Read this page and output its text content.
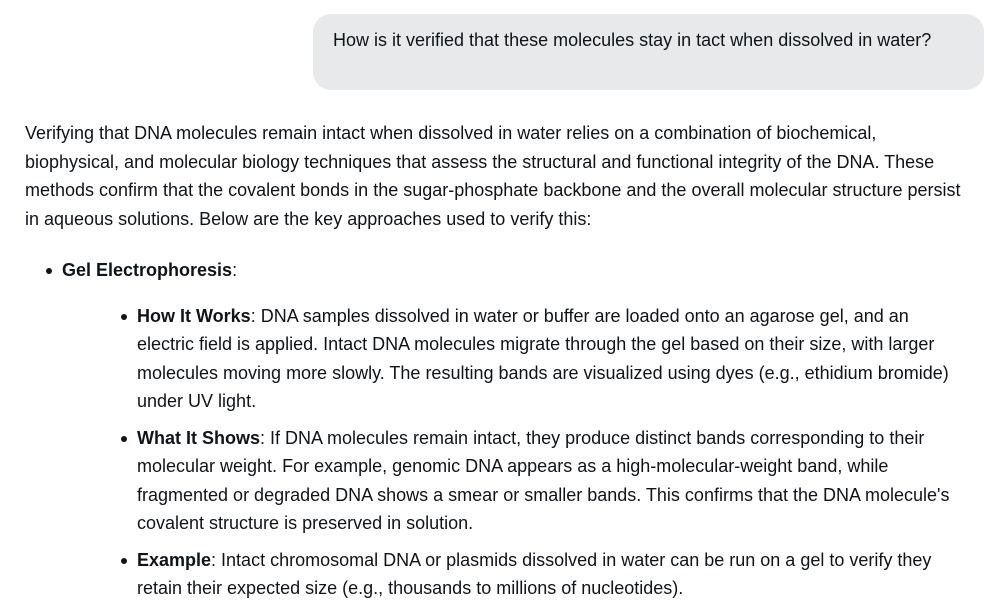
How is it verified that these molecules stay in tact when dissolved in water?

Verifying that DNA molecules remain intact when dissolved in water relies on a combination of biochemical, biophysical, and molecular biology techniques that assess the structural and functional integrity of the DNA. These methods confirm that the covalent bonds in the sugar-phosphate backbone and the overall molecular structure persist in aqueous solutions. Below are the key approaches used to verify this:

Gel Electrophoresis:
How It Works: DNA samples dissolved in water or buffer are loaded onto an agarose gel, and an electric field is applied. Intact DNA molecules migrate through the gel based on their size, with larger molecules moving more slowly. The resulting bands are visualized using dyes (e.g., ethidium bromide) under UV light.
What It Shows: If DNA molecules remain intact, they produce distinct bands corresponding to their molecular weight. For example, genomic DNA appears as a high-molecular-weight band, while fragmented or degraded DNA shows a smear or smaller bands. This confirms that the DNA molecule's covalent structure is preserved in solution.
Example: Intact chromosomal DNA or plasmids dissolved in water can be run on a gel to verify they retain their expected size (e.g., thousands to millions of nucleotides).
